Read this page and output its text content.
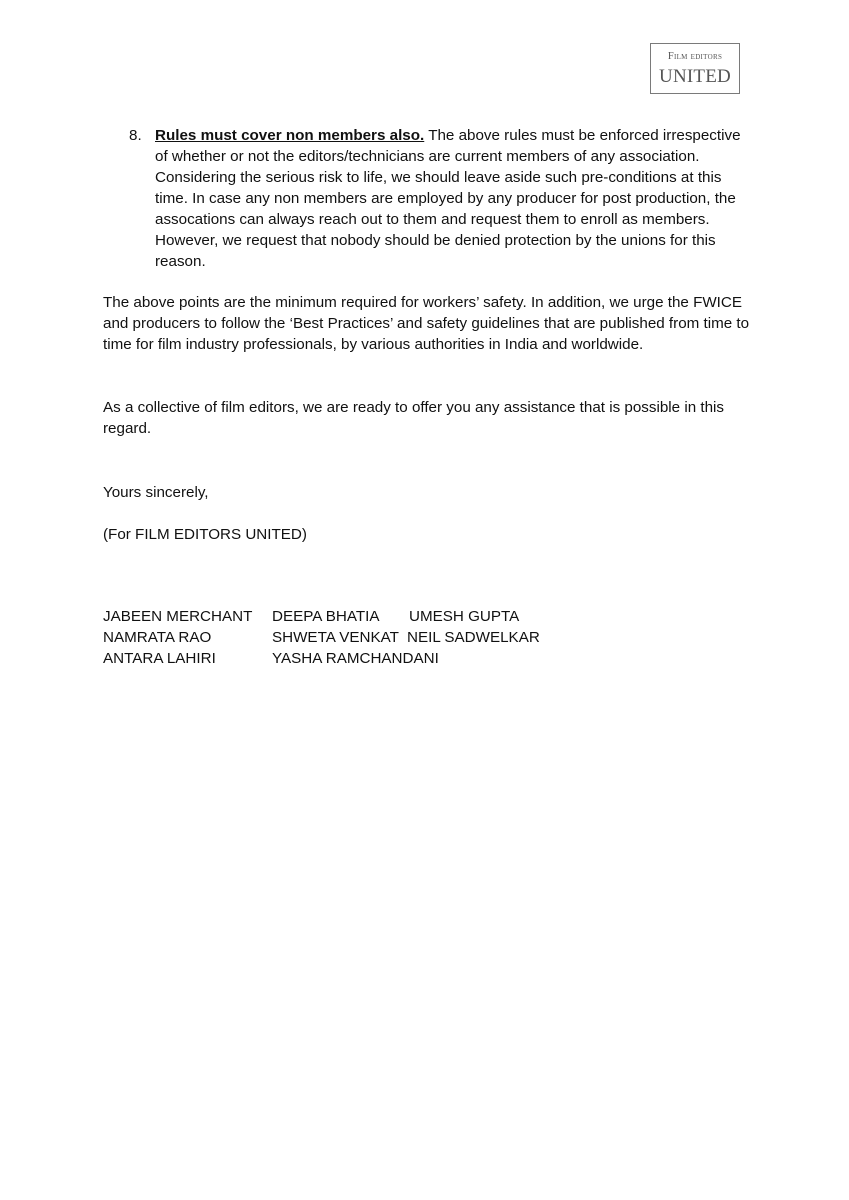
Film editors
UNITED
8. Rules must cover non members also. The above rules must be enforced irrespective of whether or not the editors/technicians are current members of any association. Considering the serious risk to life, we should leave aside such pre-conditions at this time. In case any non members are employed by any producer for post production, the assocations can always reach out to them and request them to enroll as members. However, we request that nobody should be denied protection by the unions for this reason.

The above points are the minimum required for workers’ safety. In addition, we urge the FWICE and producers to follow the ‘Best Practices’ and safety guidelines that are published from time to time for film industry professionals, by various authorities in India and worldwide.

As a collective of film editors, we are ready to offer you any assistance that is possible in this regard.

Yours sincerely,

(For FILM EDITORS UNITED)

JABEEN MERCHANT DEEPA BHATIA UMESH GUPTA
NAMRATA RAO	SHWETA VENKAT NEIL SADWELKAR
ANTARA LAHIRI	YASHA RAMCHANDANI
